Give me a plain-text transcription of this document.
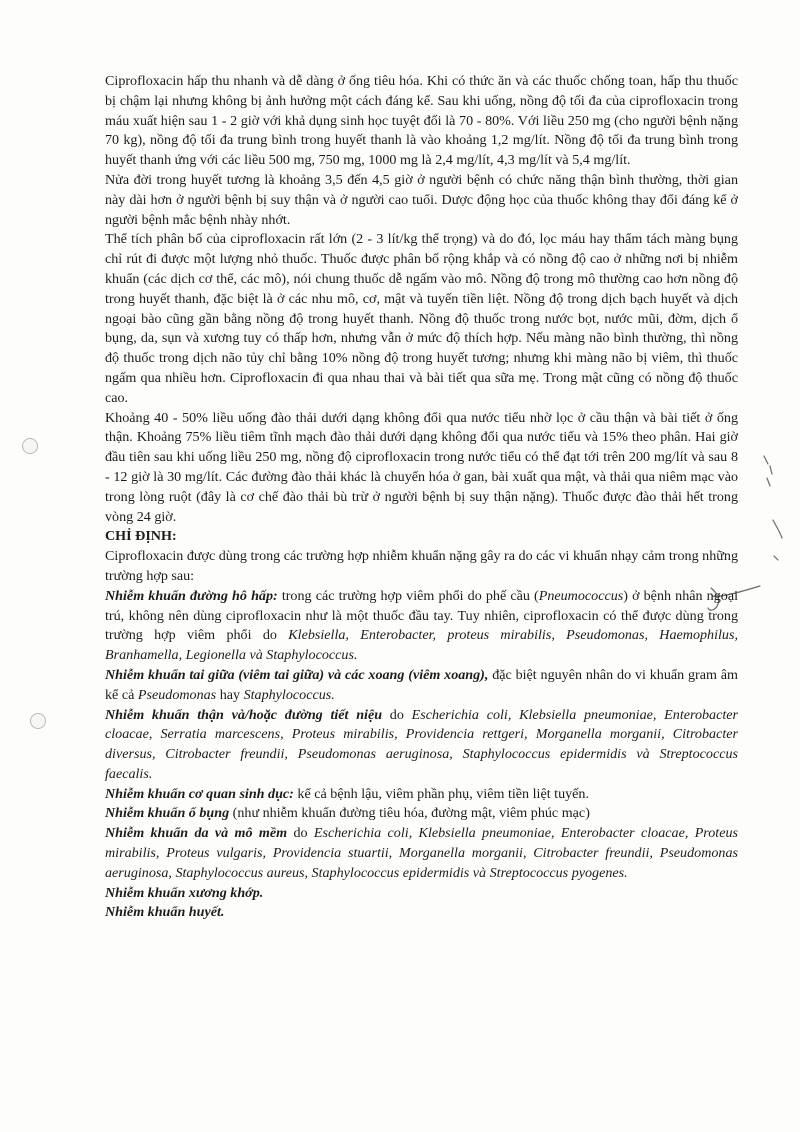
Ciprofloxacin hấp thu nhanh và dễ dàng ở ống tiêu hóa. Khi có thức ăn và các thuốc chống toan, hấp thu thuốc bị chậm lại nhưng không bị ảnh hưởng một cách đáng kể. Sau khi uống, nồng độ tối đa của ciprofloxacin trong máu xuất hiện sau 1 - 2 giờ với khả dụng sinh học tuyệt đối là 70 - 80%. Với liều 250 mg (cho người bệnh nặng 70 kg), nồng độ tối đa trung bình trong huyết thanh là vào khoảng 1,2 mg/lít. Nồng độ tối đa trung bình trong huyết thanh ứng với các liều 500 mg, 750 mg, 1000 mg là 2,4 mg/lít, 4,3 mg/lít và 5,4 mg/lít.

Nửa đời trong huyết tương là khoảng 3,5 đến 4,5 giờ ở người bệnh có chức năng thận bình thường, thời gian này dài hơn ở người bệnh bị suy thận và ở người cao tuổi. Dược động học của thuốc không thay đổi đáng kể ở người bệnh mắc bệnh nhày nhớt.

Thể tích phân bố của ciprofloxacin rất lớn (2 - 3 lít/kg thể trọng) và do đó, lọc máu hay thẩm tách màng bụng chỉ rút đi được một lượng nhỏ thuốc. Thuốc được phân bố rộng khắp và có nồng độ cao ở những nơi bị nhiễm khuẩn (các dịch cơ thể, các mô), nói chung thuốc dễ ngấm vào mô. Nồng độ trong mô thường cao hơn nồng độ trong huyết thanh, đặc biệt là ở các nhu mô, cơ, mật và tuyến tiền liệt. Nồng độ trong dịch bạch huyết và dịch ngoại bào cũng gần bằng nồng độ trong huyết thanh. Nồng độ thuốc trong nước bọt, nước mũi, đờm, dịch ổ bụng, da, sụn và xương tuy có thấp hơn, nhưng vẫn ở mức độ thích hợp. Nếu màng não bình thường, thì nồng độ thuốc trong dịch não tủy chỉ bằng 10% nồng độ trong huyết tương; nhưng khi màng não bị viêm, thì thuốc ngấm qua nhiều hơn. Ciprofloxacin đi qua nhau thai và bài tiết qua sữa mẹ. Trong mật cũng có nồng độ thuốc cao.

Khoảng 40 - 50% liều uống đào thải dưới dạng không đổi qua nước tiểu nhờ lọc ở cầu thận và bài tiết ở ống thận. Khoảng 75% liều tiêm tĩnh mạch đào thải dưới dạng không đổi qua nước tiểu và 15% theo phân. Hai giờ đầu tiên sau khi uống liều 250 mg, nồng độ ciprofloxacin trong nước tiểu có thể đạt tới trên 200 mg/lít và sau 8 - 12 giờ là 30 mg/lít. Các đường đào thải khác là chuyển hóa ở gan, bài xuất qua mật, và thải qua niêm mạc vào trong lòng ruột (đây là cơ chế đào thải bù trừ ở người bệnh bị suy thận nặng). Thuốc được đào thải hết trong vòng 24 giờ.

CHỈ ĐỊNH:

Ciprofloxacin được dùng trong các trường hợp nhiễm khuẩn nặng gây ra do các vi khuẩn nhạy cảm trong những trường hợp sau:

Nhiễm khuẩn đường hô hấp: trong các trường hợp viêm phổi do phế cầu (Pneumococcus) ở bệnh nhân ngoại trú, không nên dùng ciprofloxacin như là một thuốc đầu tay. Tuy nhiên, ciprofloxacin có thể được dùng trong trường hợp viêm phổi do Klebsiella, Enterobacter, proteus mirabilis, Pseudomonas, Haemophilus, Branhamella, Legionella và Staphylococcus.

Nhiễm khuẩn tai giữa (viêm tai giữa) và các xoang (viêm xoang), đặc biệt nguyên nhân do vi khuẩn gram âm kể cả Pseudomonas hay Staphylococcus.

Nhiễm khuẩn thận và/hoặc đường tiết niệu do Escherichia coli, Klebsiella pneumoniae, Enterobacter cloacae, Serratia marcescens, Proteus mirabilis, Providencia rettgeri, Morganella morganii, Citrobacter diversus, Citrobacter freundii, Pseudomonas aeruginosa, Staphylococcus epidermidis và Streptococcus faecalis.

Nhiễm khuẩn cơ quan sinh dục: kể cả bệnh lậu, viêm phần phụ, viêm tiền liệt tuyến.

Nhiễm khuẩn ổ bụng (như nhiễm khuẩn đường tiêu hóa, đường mật, viêm phúc mạc)

Nhiễm khuẩn da và mô mềm do Escherichia coli, Klebsiella pneumoniae, Enterobacter cloacae, Proteus mirabilis, Proteus vulgaris, Providencia stuartii, Morganella morganii, Citrobacter freundii, Pseudomonas aeruginosa, Staphylococcus aureus, Staphylococcus epidermidis và Streptococcus pyogenes.

Nhiễm khuẩn xương khớp.

Nhiễm khuẩn huyết.
